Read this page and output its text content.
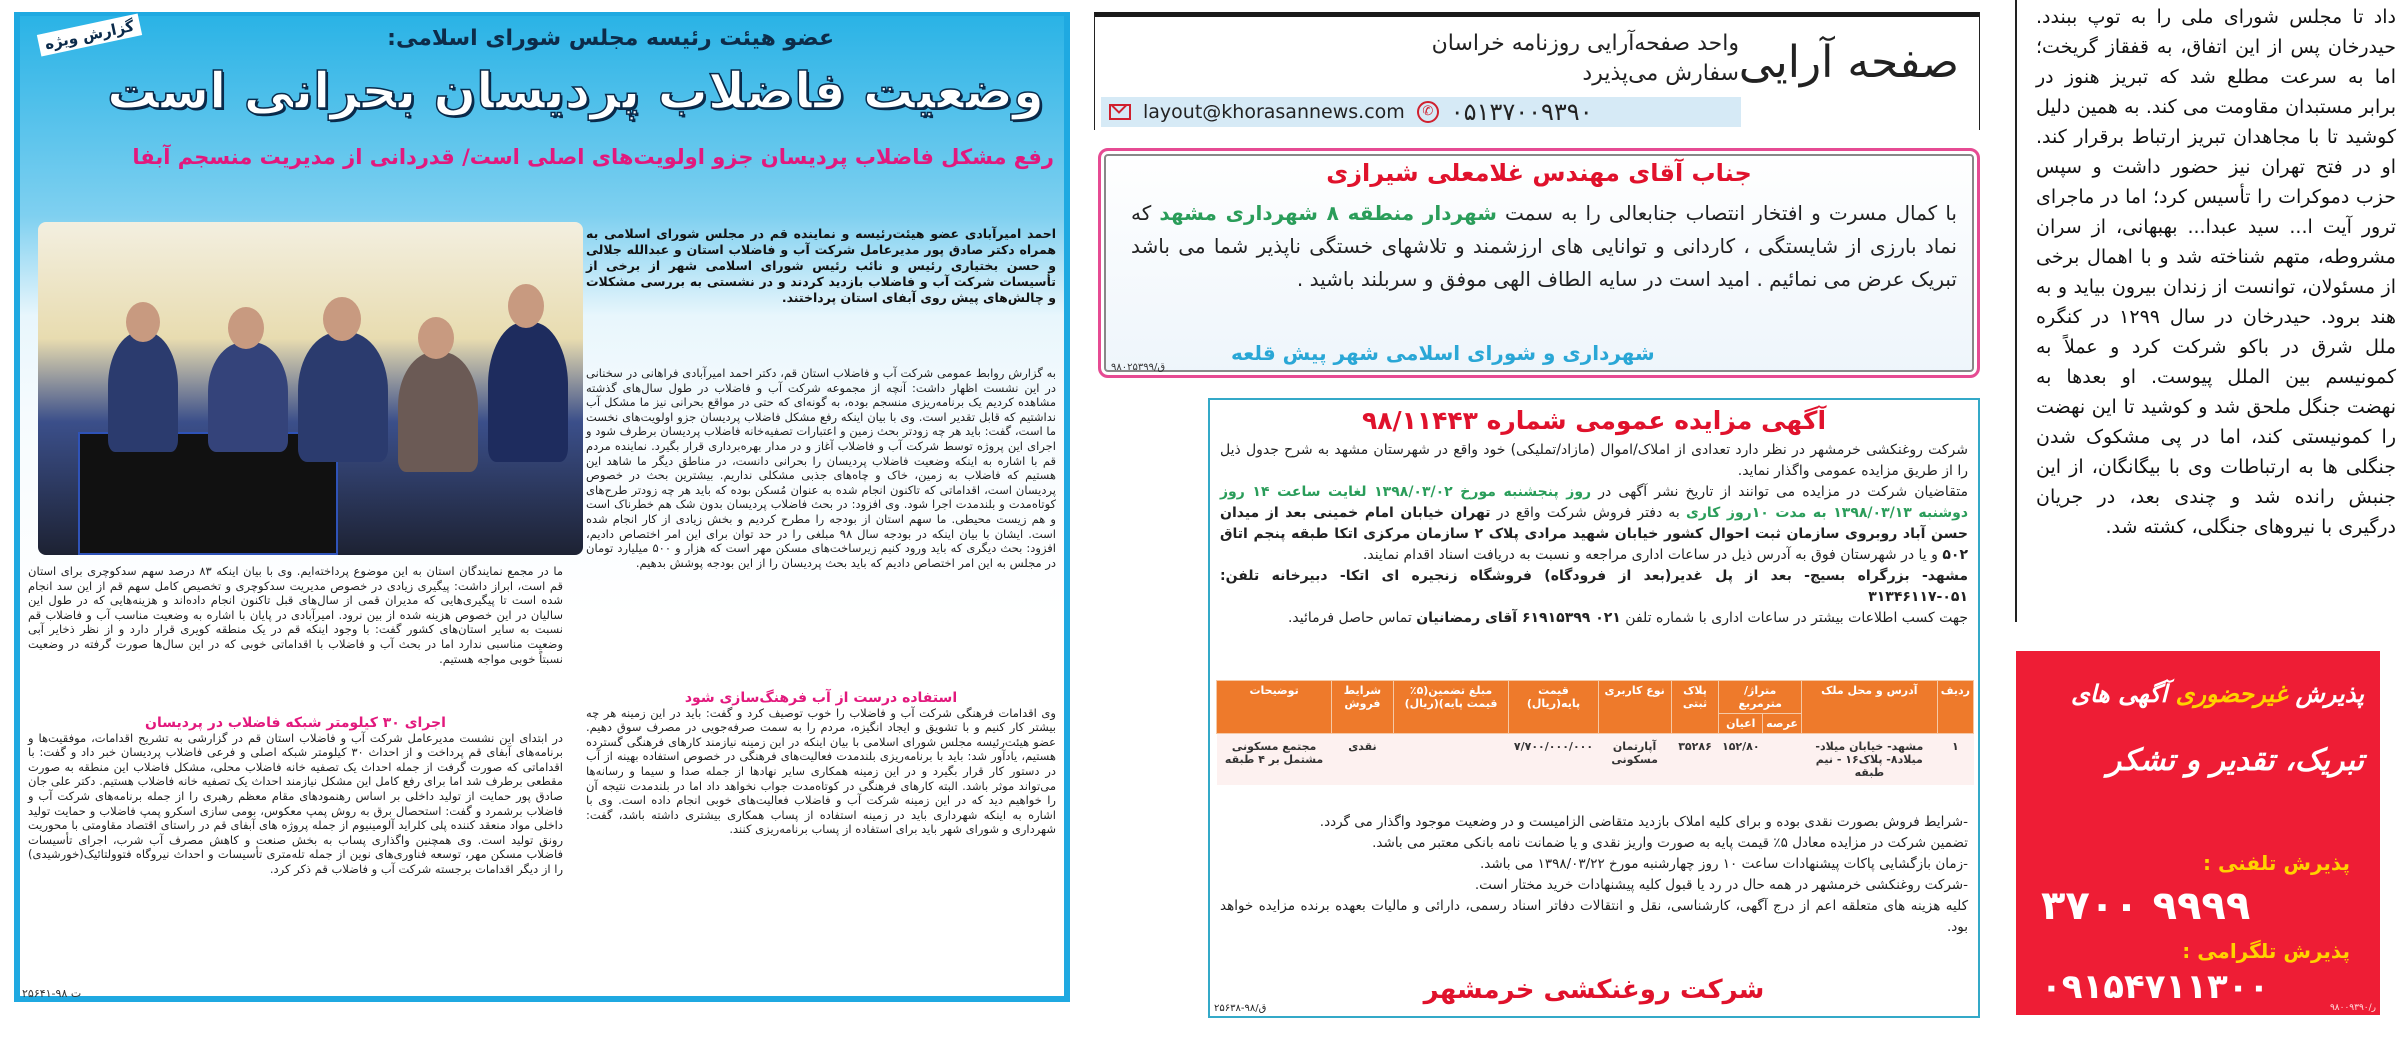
گزارش ویژه	عضو هیئت رئیسه مجلس شورای اسلامی:
وضعیت فاضلاب پردیسان بحرانی است
رفع مشکل فاضلاب پردیسان جزو اولویت‌های اصلی است/ قدردانی از مدیریت منسجم آبفا
احمد امیرآبادی عضو هیئت‌رئیسه و نماینده قم در مجلس شورای اسلامی به همراه دکتر صادق پور مدیرعامل شرکت آب و فاضلاب استان و عبدالله جلالی و حسن بختیاری رئیس و نائب رئیس شورای اسلامی شهر از برخی از تأسیسات شرکت آب و فاضلاب بازدید کردند و در نشستی به بررسی مشکلات و چالش‌های پیش روی آبفای استان پرداختند.
به گزارش روابط عمومی شرکت آب و فاضلاب استان قم، دکتر احمد امیرآبادی فراهانی در سخنانی در این نشست اظهار داشت: آنچه از مجموعه شرکت آب و فاضلاب در طول سال‌های گذشته مشاهده کردیم یک برنامه‌ریزی منسجم بوده، به گونه‌ای که حتی در مواقع بحرانی نیز ما مشکل آب نداشتیم که قابل تقدیر است. وی با بیان اینکه رفع مشکل فاضلاب پردیسان جزو اولویت‌های نخست ما است، گفت: باید هر چه زودتر بحث زمین و اعتبارات تصفیه‌خانه فاضلاب پردیسان برطرف شود و اجرای این پروژه توسط شرکت آب و فاضلاب آغاز و در مدار بهره‌برداری قرار بگیرد. نماینده مردم قم با اشاره به اینکه وضعیت فاضلاب پردیسان را بحرانی دانست، در مناطق دیگر ما شاهد این هستیم که فاضلاب به زمین، خاک و چاه‌های جذبی مشکلی نداریم. بیشترین بحث در خصوص پردیسان است، اقداماتی که تاکنون انجام شده به عنوان مُسکن بوده که باید هر چه زودتر طرح‌های کوتاه‌مدت و بلندمدت اجرا شود. وی افزود: در بحث فاضلاب پردیسان بدون شک هم خطرناک است و هم زیست محیطی. ما سهم استان از بودجه را مطرح کردیم و بخش زیادی از کار انجام شده است. ایشان با بیان اینکه در بودجه سال ۹۸ مبلغی را در حد توان برای این امر اختصاص دادیم، افزود: بحث دیگری که باید ورود کنیم زیرساخت‌های مسکن مهر است که هزار و ۵۰۰ میلیارد تومان در مجلس به این امر اختصاص دادیم که باید بحث پردیسان را از این بودجه پوشش بدهیم.
استفاده درست از آب فرهنگ‌سازی شود
وی اقدامات فرهنگی شرکت آب و فاضلاب را خوب توصیف کرد و گفت: باید در این زمینه هر چه بیشتر کار کنیم و با تشویق و ایجاد انگیزه، مردم را به سمت صرفه‌جویی در مصرف سوق دهیم. عضو هیئت‌رئیسه مجلس شورای اسلامی با بیان اینکه در این زمینه نیازمند کارهای فرهنگی گسترده هستیم، یادآور شد: باید با برنامه‌ریزی بلندمدت فعالیت‌های فرهنگی در خصوص استفاده بهینه از آب در دستور کار قرار بگیرد و در این زمینه همکاری سایر نهادها از جمله صدا و سیما و رسانه‌ها می‌تواند موثر باشد. البته کارهای فرهنگی در کوتاه‌مدت جواب نخواهد داد اما در بلندمدت نتیجه آن را خواهیم دید که در این زمینه شرکت آب و فاضلاب فعالیت‌های خوبی انجام داده است. وی با اشاره به اینکه شهرداری باید در زمینه استفاده از پساب همکاری بیشتری داشته باشد، گفت: شهرداری و شورای شهر باید برای استفاده از پساب برنامه‌ریزی کنند.
ما در مجمع نمایندگان استان به این موضوع پرداخته‌ایم. وی با بیان اینکه ۸۳ درصد سهم سدکوچری برای استان قم است، ابراز داشت: پیگیری زیادی در خصوص مدیریت سدکوچری و تخصیص کامل سهم قم از این سد انجام شده است تا پیگیری‌هایی که مدیران قمی از سال‌های قبل تاکنون انجام داده‌اند و هزینه‌هایی که در طول این سالیان در این خصوص هزینه شده از بین نرود. امیرآبادی در پایان با اشاره به وضعیت مناسب آب و فاضلاب قم نسبت به سایر استان‌های کشور گفت: با وجود اینکه قم در یک منطقه کویری قرار دارد و از نظر ذخایر آبی وضعیت مناسبی ندارد اما در بحث آب و فاضلاب با اقداماتی خوبی که در این سال‌ها صورت گرفته در وضعیت نسبتاً خوبی مواجه هستیم.
اجرای ۳۰ کیلومتر شبکه فاضلاب در پردیسان
در ابتدای این نشست مدیرعامل شرکت آب و فاضلاب استان قم در گزارشی به تشریح اقدامات، موفقیت‌ها و برنامه‌های آبفای قم پرداخت و از احداث ۳۰ کیلومتر شبکه اصلی و فرعی فاضلاب پردیسان خبر داد و گفت: با اقداماتی که صورت گرفت از جمله احداث یک تصفیه خانه فاضلاب محلی، مشکل فاضلاب این منطقه به صورت مقطعی برطرف شد اما برای رفع کامل این مشکل نیازمند احداث یک تصفیه خانه فاضلاب هستیم. دکتر علی جان صادق پور حمایت از تولید داخلی بر اساس رهنمودهای مقام معظم رهبری را از جمله برنامه‌های شرکت آب و فاضلاب برشمرد و گفت: استحصال برق به روش پمپ معکوس، بومی سازی اسکرو پمپ فاضلاب و حمایت تولید داخلی مواد منعقد کننده پلی کلراید آلومینیوم از جمله پروژه های آبفای قم در راستای اقتصاد مقاومتی با محوریت رونق تولید است. وی همچنین واگذاری پساب به بخش صنعت و کاهش مصرف آب شرب، اجرای تأسیسات فاضلاب مسکن مهر، توسعه فناوری‌های نوین از جمله تله‌متری تأسیسات و احداث نیروگاه فتوولتائیک(خورشیدی) را از دیگر اقدامات برجسته شرکت آب و فاضلاب قم ذکر کرد.
ت ۹۸-۲۵۶۴۱
صفحه آرایی
واحد صفحه‌آرایی روزنامه خراسان
سفارش می‌پذیرد
layout@khorasannews.com	✆ ۰۵۱۳۷۰۰۹۳۹۰
جناب آقای مهندس غلامعلی شیرازی
با کمال مسرت و افتخار انتصاب جنابعالی را به سمت شهردار منطقه ۸ شهرداری مشهد که نماد بارزی از شایستگی ، کاردانی و توانایی های ارزشمند و تلاشهای خستگی ناپذیر شما می باشد تبریک عرض می نمائیم . امید است در سایه الطاف الهی موفق و سربلند باشید .
شهرداری و شورای اسلامی شهر پیش قلعه
ق/۹۸۰۲۵۳۹۹
آگهی مزایده عمومی شماره ۹۸/۱۱۴۴۳
شرکت روغنکشی خرمشهر در نظر دارد تعدادی از املاک/اموال (مازاد/تملیکی) خود واقع در شهرستان مشهد به شرح جدول ذیل را از طریق مزایده عمومی واگذار نماید.
متقاضیان شرکت در مزایده می توانند از تاریخ نشر آگهی در روز پنجشنبه مورخ ۱۳۹۸/۰۳/۰۲ لغایت ساعت ۱۴ روز دوشنبه ۱۳۹۸/۰۳/۱۳ به مدت ۱۰روز کاری به دفتر فروش شرکت واقع در تهران خیابان امام خمینی بعد از میدان حسن آباد روبروی سازمان ثبت احوال کشور خیابان شهید مرادی پلاک ۲ سازمان مرکزی اتکا طبقه پنجم اتاق ۵۰۲ و یا در شهرستان فوق به آدرس ذیل در ساعات اداری مراجعه و نسبت به دریافت اسناد اقدام نمایند.
مشهد- بزرگراه بسیج- بعد از پل غدیر(بعد از فرودگاه) فروشگاه زنجیره ای اتکا- دبیرخانه تلفن: ۰۵۱-۳۱۳۴۶۱۱۷
جهت کسب اطلاعات بیشتر در ساعات اداری با شماره تلفن ۰۲۱ ۶۱۹۱۵۳۹۹ آقای رمضانیان تماس حاصل فرمائید.
ردیف	آدرس و محل ملک	متراژ/مترمربع		پلاک ثبتی	نوع کاربری	قیمت پایه(ریال)	مبلغ تضمین(۵٪ قیمت پایه)(ریال)	شرایط فروش	توضیحات
		عرصه	اعیان						
۱	مشهد- خیابان میلاد- میلاد۸- پلاک۱۶ - نیم طبقه		۱۵۲/۸۰	۳۵۲۸۶	آپارتمان مسکونی	۷/۷۰۰/۰۰۰/۰۰۰		نقدی	مجتمع مسکونی مشتمل بر ۴ طبقه
-شرایط فروش بصورت نقدی بوده و برای کلیه املاک بازدید متقاضی الزامیست و در وضعیت موجود واگذار می گردد.
تضمین شرکت در مزایده معادل ۵٪ قیمت پایه به صورت واریز نقدی و یا ضمانت نامه بانکی معتبر می باشد.
-زمان بازگشایی پاکات پیشنهادات ساعت ۱۰ روز چهارشنبه مورخ ۱۳۹۸/۰۳/۲۲ می باشد.
-شرکت روغنکشی خرمشهر در همه حال در رد یا قبول کلیه پیشنهادات خرید مختار است.
کلیه هزینه های متعلقه اعم از درج آگهی، کارشناسی، نقل و انتقالات دفاتر اسناد رسمی، دارائی و مالیات بعهده برنده مزایده خواهد بود.
شرکت روغنکشی خرمشهر
ق/۹۸-۲۵۶۳۸
داد تا مجلس شورای ملی را به توپ ببندد. حیدرخان پس از این اتفاق، به قفقاز گریخت؛ اما به سرعت مطلع شد که تبریز هنوز در برابر مستبدان مقاومت می کند. به همین دلیل کوشید تا با مجاهدان تبریز ارتباط برقرار کند. او در فتح تهران نیز حضور داشت و سپس حزب دموکرات را تأسیس کرد؛ اما در ماجرای ترور آیت ا... سید عبدا... بهبهانی، از سران مشروطه، متهم شناخته شد و با اهمال برخی از مسئولان، توانست از زندان بیرون بیاید و به هند برود. حیدرخان در سال ۱۲۹۹ در کنگره ملل شرق در باکو شرکت کرد و عملاً به کمونیسم بین الملل پیوست. او بعدها به نهضت جنگل ملحق شد و کوشید تا این نهضت را کمونیستی کند، اما در پی مشکوک شدن جنگلی ها به ارتباطات وی با بیگانگان، از این جنبش رانده شد و چندی بعد، در جریان درگیری با نیروهای جنگلی، کشته شد.
پذیرش غیرحضوری آگهی های
تبریک، تقدیر و تشکر
پذیرش تلفنی :
۳۷۰۰ ۹۹۹۹
پذیرش تلگرامی :
۰۹۱۵۴۷۱۱۳۰۰
ر/۹۸۰۰۹۳۹۰
